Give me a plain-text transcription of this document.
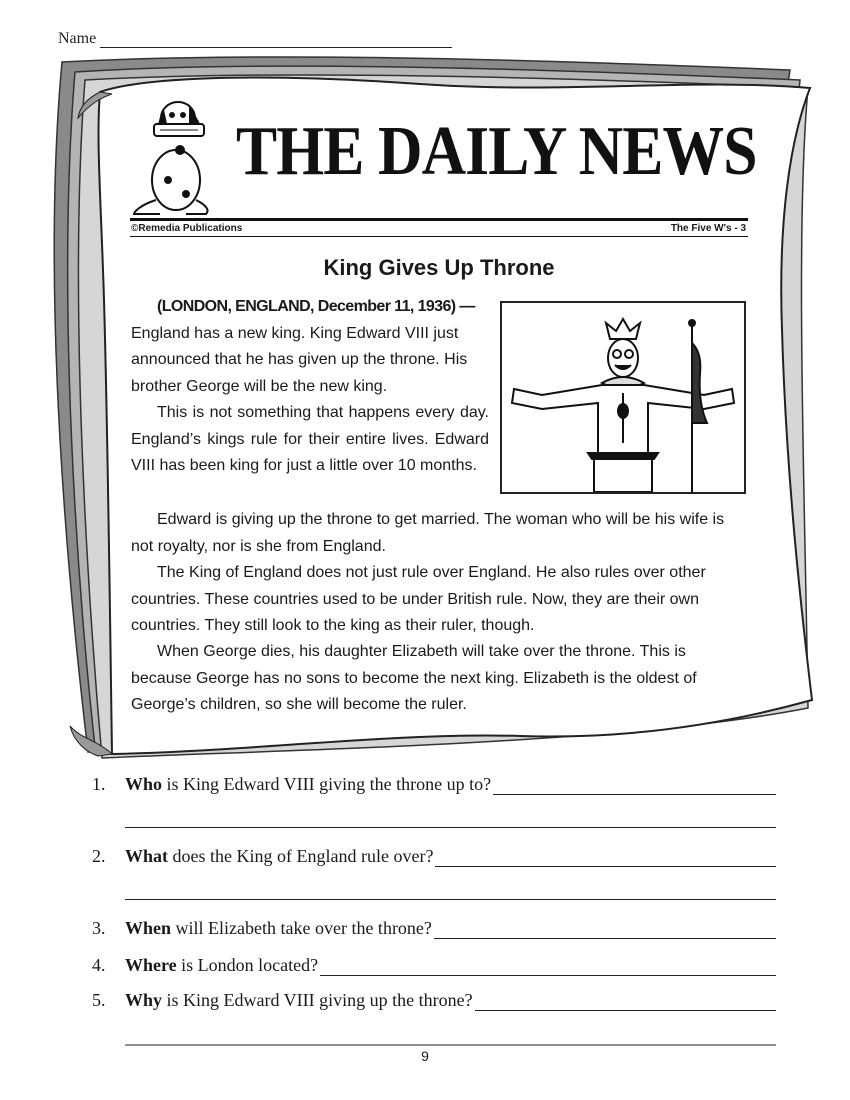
Name
THE DAILY NEWS
©Remedia Publications	The Five W's - 3
King Gives Up Throne

(LONDON, ENGLAND, December 11, 1936) —
England has a new king. King Edward VIII just announced that he has given up the throne. His brother George will be the new king.

This is not something that happens every day. England’s kings rule for their entire lives. Edward VIII has been king for just a little over 10 months.

Edward is giving up the throne to get married. The woman who will be his wife is not royalty, nor is she from England.

The King of England does not just rule over England. He also rules over other countries. These countries used to be under British rule. Now, they are their own countries. They still look to the king as their ruler, though.

When George dies, his daughter Elizabeth will take over the throne. This is because George has no sons to become the next king. Elizabeth is the oldest of George’s children, so she will become the ruler.

1.	Who is King Edward VIII giving the throne up to?
2.	What does the King of England rule over?
3.	When will Elizabeth take over the throne?
4.	Where is London located?
5.	Why is King Edward VIII giving up the throne?
9
